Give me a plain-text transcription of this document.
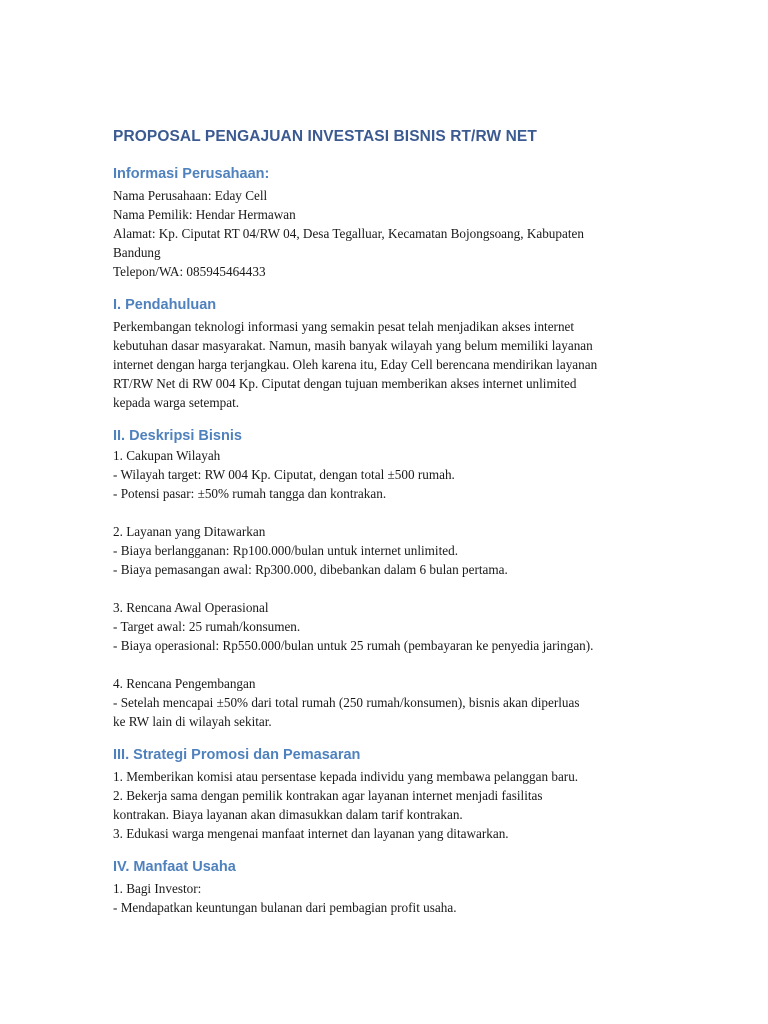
PROPOSAL PENGAJUAN INVESTASI BISNIS RT/RW NET
Informasi Perusahaan:
Nama Perusahaan: Eday Cell
Nama Pemilik: Hendar Hermawan
Alamat: Kp. Ciputat RT 04/RW 04, Desa Tegalluar, Kecamatan Bojongsoang, Kabupaten
Bandung
Telepon/WA: 085945464433
I. Pendahuluan
Perkembangan teknologi informasi yang semakin pesat telah menjadikan akses internet
kebutuhan dasar masyarakat. Namun, masih banyak wilayah yang belum memiliki layanan
internet dengan harga terjangkau. Oleh karena itu, Eday Cell berencana mendirikan layanan
RT/RW Net di RW 004 Kp. Ciputat dengan tujuan memberikan akses internet unlimited
kepada warga setempat.
II. Deskripsi Bisnis
1. Cakupan Wilayah
- Wilayah target: RW 004 Kp. Ciputat, dengan total ±500 rumah.
- Potensi pasar: ±50% rumah tangga dan kontrakan.
2. Layanan yang Ditawarkan
- Biaya berlangganan: Rp100.000/bulan untuk internet unlimited.
- Biaya pemasangan awal: Rp300.000, dibebankan dalam 6 bulan pertama.
3. Rencana Awal Operasional
- Target awal: 25 rumah/konsumen.
- Biaya operasional: Rp550.000/bulan untuk 25 rumah (pembayaran ke penyedia jaringan).
4. Rencana Pengembangan
- Setelah mencapai ±50% dari total rumah (250 rumah/konsumen), bisnis akan diperluas
ke RW lain di wilayah sekitar.
III. Strategi Promosi dan Pemasaran
1. Memberikan komisi atau persentase kepada individu yang membawa pelanggan baru.
2. Bekerja sama dengan pemilik kontrakan agar layanan internet menjadi fasilitas
kontrakan. Biaya layanan akan dimasukkan dalam tarif kontrakan.
3. Edukasi warga mengenai manfaat internet dan layanan yang ditawarkan.
IV. Manfaat Usaha
1. Bagi Investor:
- Mendapatkan keuntungan bulanan dari pembagian profit usaha.
